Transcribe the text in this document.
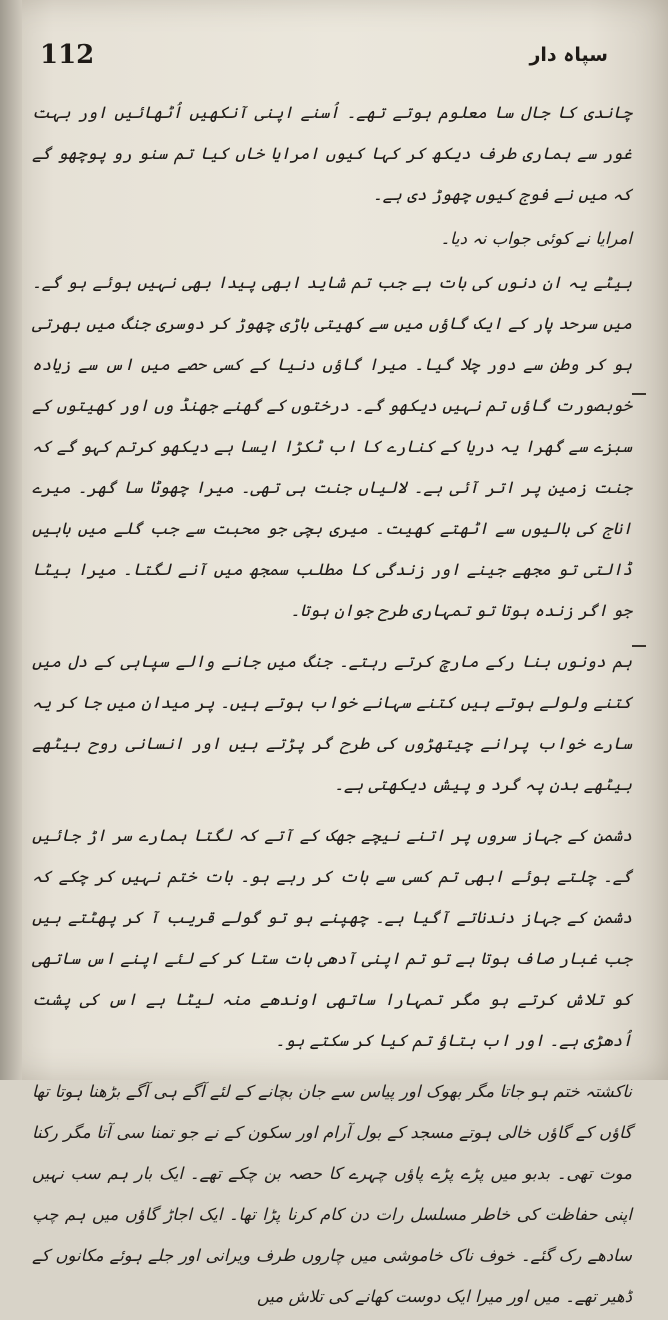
112	سپاہ دار

چاندی کا جال سا معلوم ہوتے تھے۔ اُسنے اپنی آنکھیں اُٹھائیں اور بہت غور سے ہماری طرف دیکھ کر کہا کیوں امرایا خاں کیا تم سنو رو پوچھو گے کہ میں نے فوج کیوں چھوڑ دی ہے۔

امرایا نے کوئی جواب نہ دیا۔

بیٹے یہ ان دنوں کی بات ہے جب تم شاید ابھی پیدا بھی نہیں ہوئے ہو گے۔ میں سرحد پار کے ایک گاؤں میں سے کھیتی باڑی چھوڑ کر دوسری جنگ میں بھرتی ہو کر وطن سے دور چلا گیا۔ میرا گاؤں دنیا کے کسی حصے میں اس سے زیادہ خوبصورت گاؤں تم نہیں دیکھو گے۔ درختوں کے گھنے جھنڈ وں اور کھیتوں کے سبزے سے گھرا یہ دریا کے کنارے کا اب ٹکڑا ایسا ہے دیکھو کرتم کہو گے کہ جنت زمین پر اتر آئی ہے۔ لالیاں جنت ہی تھی۔ میرا چھوٹا سا گھر۔ میرے اناج کی بالیوں سے اٹھتے کھیت۔ میری بچی جو محبت سے جب گلے میں باہیں ڈالتی تو مجھے جینے اور زندگی کا مطلب سمجھ میں آنے لگتا۔ میرا بیٹا جو اگر زندہ ہوتا تو تمہاری طرح جوان ہوتا۔

ہم دونوں بنا رکے مارچ کرتے رہتے۔ جنگ میں جانے والے سپاہی کے دل میں کتنے ولولے ہوتے ہیں کتنے سہانے خواب ہوتے ہیں۔ پر میدان میں جا کر یہ سارے خواب پرانے چیتھڑوں کی طرح گر پڑتے ہیں اور انسانی روح بیٹھے بیٹھے بدن پہ گرد و پیش دیکھتی ہے۔

دشمن کے جہاز سروں پر اتنے نیچے جھک کے آتے کہ لگتا ہمارے سر اڑ جائیں گے۔ چلتے ہوئے ابھی تم کسی سے بات کر رہے ہو۔ بات ختم نہیں کر چکے کہ دشمن کے جہاز دندناتے آگیا ہے۔ چھپنے ہو تو گولے قریب آ کر پھٹتے ہیں جب غبار صاف ہوتا ہے تو تم اپنی آدھی بات ستا کر کے لئے اپنے اس ساتھی کو تلاش کرتے ہو مگر تمہارا ساتھی اوندھے منہ لیٹا ہے اس کی پشت اُدھڑی ہے۔ اور اب بتاؤ تم کیا کر سکتے ہو۔

ناکشتہ ختم ہو جاتا مگر بھوک اور پیاس سے جان بچانے کے لئے آگے ہی آگے بڑھنا ہوتا تھا گاؤں کے گاؤں خالی ہوتے مسجد کے بول آرام اور سکون کے نے جو تمنا سی آتا مگر رکنا موت تھی۔ بدبو میں پڑے پڑے پاؤں چہرے کا حصہ بن چکے تھے۔ ایک بار ہم سب نہیں اپنی حفاظت کی خاطر مسلسل رات دن کام کرنا پڑا تھا۔ ایک اجاڑ گاؤں میں ہم چپ سادھے رک گئے۔ خوف ناک خاموشی میں چاروں طرف ویرانی اور جلے ہوئے مکانوں کے ڈھیر تھے۔ میں اور میرا ایک دوست کھانے کی تلاش میں
